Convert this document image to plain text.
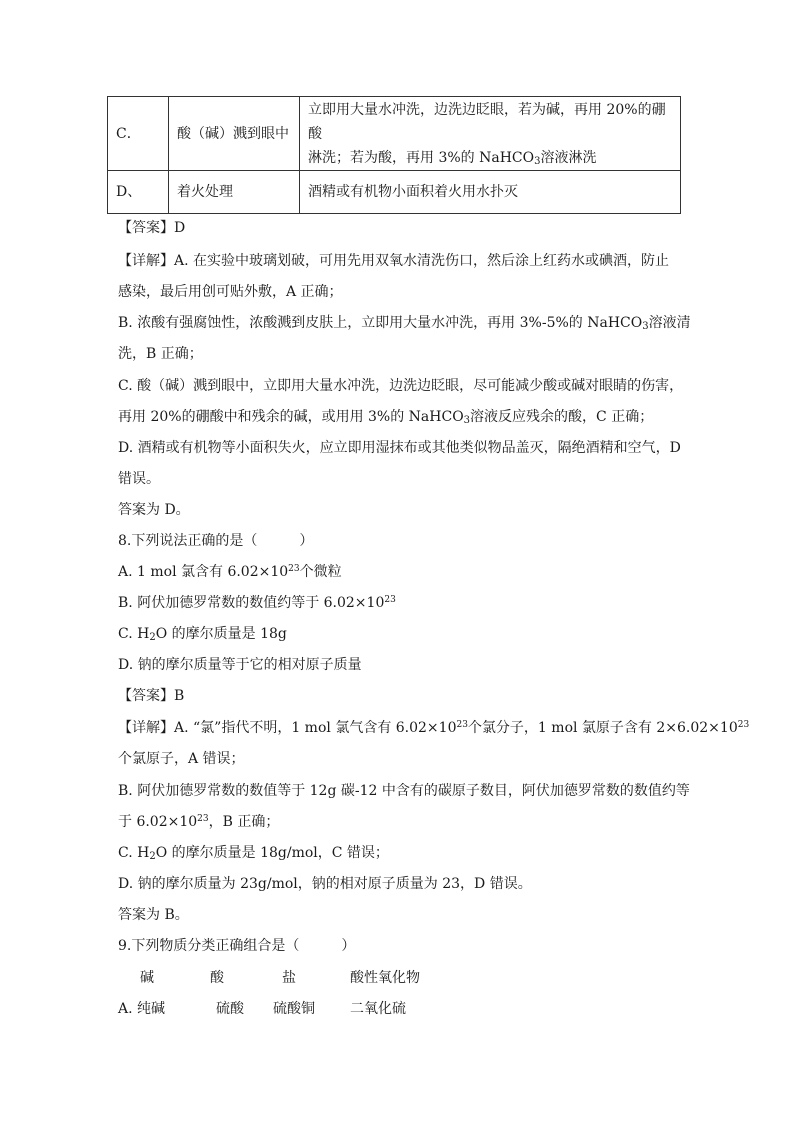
C．	酸（碱）溅到眼中	立即用大量水冲洗，边洗边眨眼，若为碱，再用 20%的硼酸
淋洗；若为酸，再用 3%的 NaHCO$_3$溶液淋洗

D、	着火处理	酒精或有机物小面积着火用水扑灭
【答案】D
【详解】A. 在实验中玻璃划破，可用先用双氧水清洗伤口，然后涂上红药水或碘酒，防止
感染，最后用创可贴外敷，A 正确；
B. 浓酸有强腐蚀性，浓酸溅到皮肤上，立即用大量水冲洗，再用 3%-5%的 NaHCO$_3$溶液清
洗，B 正确；
C. 酸（碱）溅到眼中，立即用大量水冲洗，边洗边眨眼，尽可能减少酸或碱对眼睛的伤害，
再用 20%的硼酸中和残余的碱，或用用 3%的 NaHCO$_3$溶液反应残余的酸，C 正确；
D. 酒精或有机物等小面积失火，应立即用湿抹布或其他类似物品盖灭，隔绝酒精和空气，D
错误。
答案为 D。
8.下列说法正确的是（　　　）
A. 1 mol 氯含有 $6.02\times 10^{23}$个微粒
B. 阿伏加德罗常数的数值约等于 $6.02\times 10^{23}$
C. $H_2O$ 的摩尔质量是 18g
D. 钠的摩尔质量等于它的相对原子质量
【答案】B
【详解】A. “氯”指代不明，1 mol 氯气含有 $6.02\times 10^{23}$个氯分子，1 mol 氯原子含有 $2\times 6.02\times 10^{23}$
个氯原子，A 错误；
B. 阿伏加德罗常数的数值等于 12g 碳-12 中含有的碳原子数目，阿伏加德罗常数的数值约等
于 $6.02\times 10^{23}$，B 正确；
C. $H_2O$ 的摩尔质量是 18g/mol，C 错误；
D. 钠的摩尔质量为 23g/mol，钠的相对原子质量为 23，D 错误。
答案为 B。
9.下列物质分类正确组合是（　　　）
碱	酸	盐	酸性氧化物
A. 纯碱	硫酸 硫酸铜	二氧化硫
